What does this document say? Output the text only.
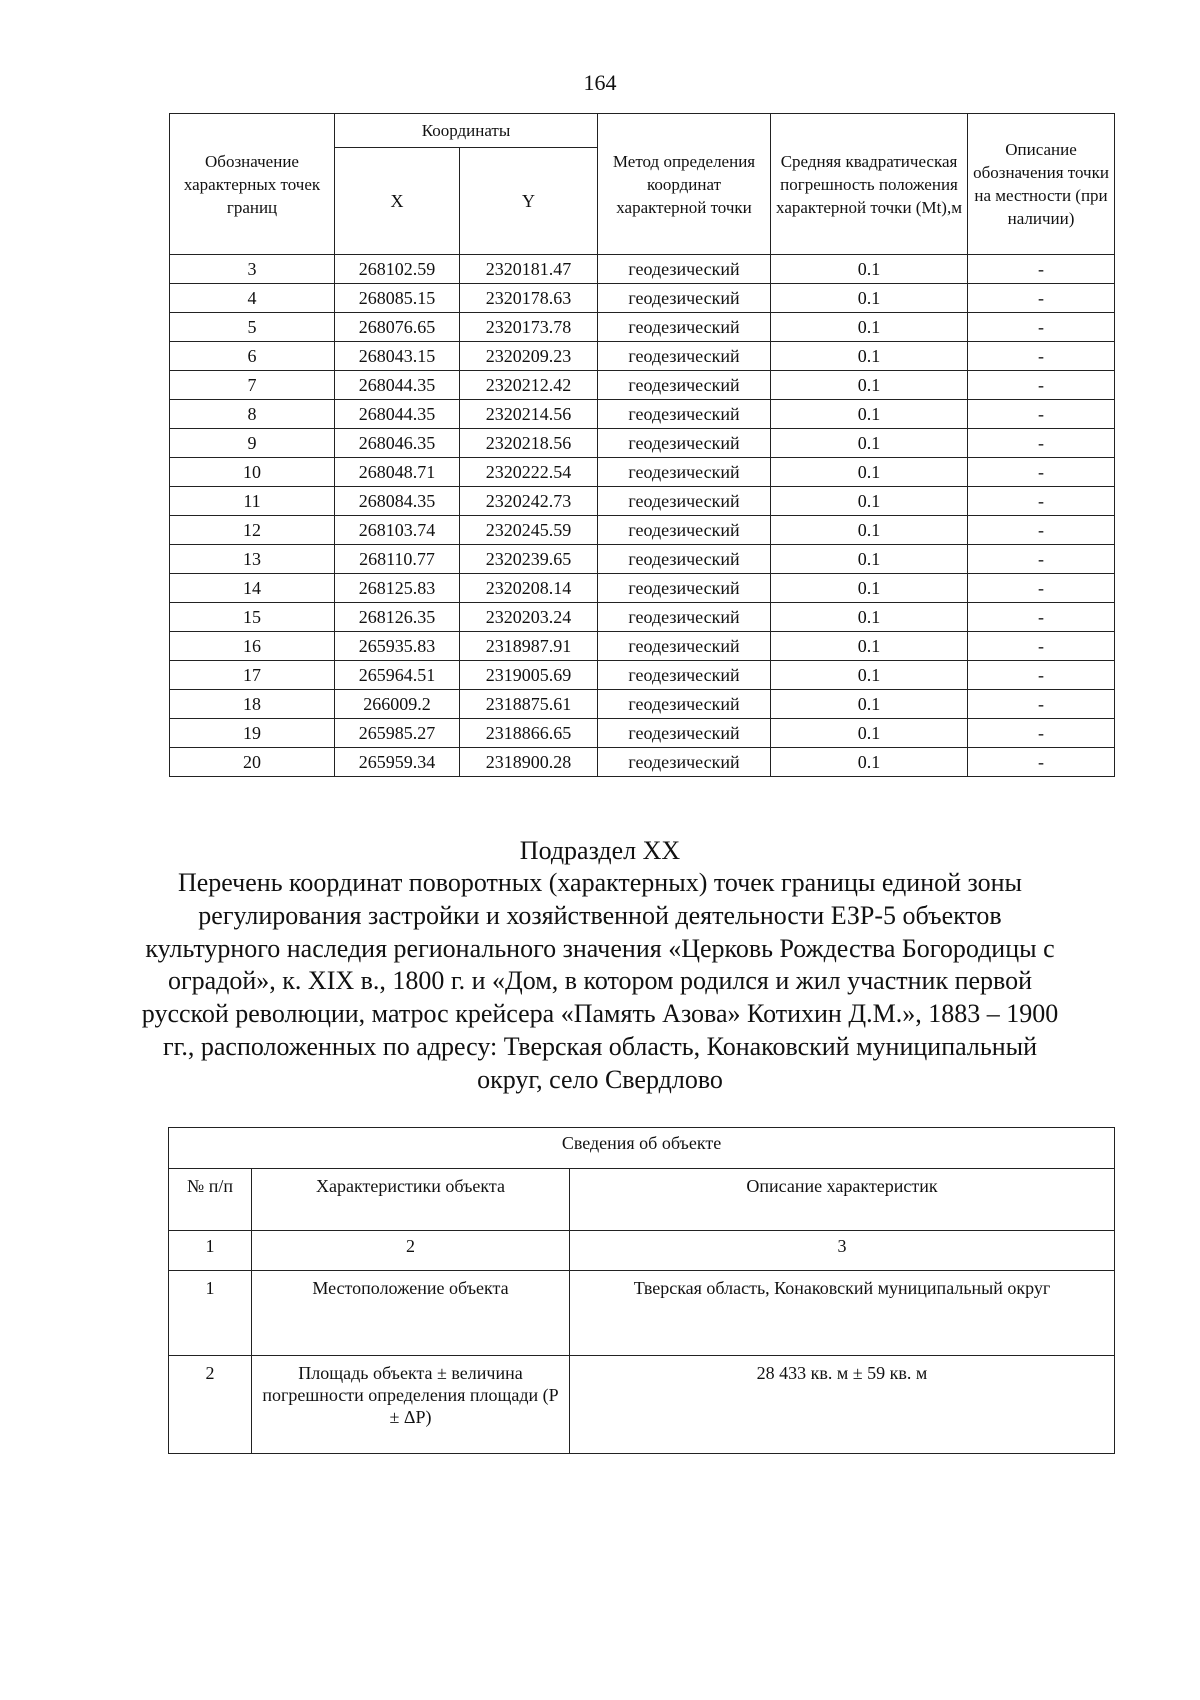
164
Обозначение характерных точек границ	Координаты		Метод определения координат характерной точки	Средняя квадратическая погрешность положения характерной точки (Mt),м	Описание обозначения точки на местности (при наличии)
	X	Y			
3	268102.59	2320181.47	геодезический	0.1	-
4	268085.15	2320178.63	геодезический	0.1	-
5	268076.65	2320173.78	геодезический	0.1	-
6	268043.15	2320209.23	геодезический	0.1	-
7	268044.35	2320212.42	геодезический	0.1	-
8	268044.35	2320214.56	геодезический	0.1	-
9	268046.35	2320218.56	геодезический	0.1	-
10	268048.71	2320222.54	геодезический	0.1	-
11	268084.35	2320242.73	геодезический	0.1	-
12	268103.74	2320245.59	геодезический	0.1	-
13	268110.77	2320239.65	геодезический	0.1	-
14	268125.83	2320208.14	геодезический	0.1	-
15	268126.35	2320203.24	геодезический	0.1	-
16	265935.83	2318987.91	геодезический	0.1	-
17	265964.51	2319005.69	геодезический	0.1	-
18	266009.2	2318875.61	геодезический	0.1	-
19	265985.27	2318866.65	геодезический	0.1	-
20	265959.34	2318900.28	геодезический	0.1	-
Подраздел XX
Перечень координат поворотных (характерных) точек границы единой зоны регулирования застройки и хозяйственной деятельности ЕЗР-5 объектов культурного наследия регионального значения «Церковь Рождества Богородицы с оградой», к. XIX в., 1800 г. и «Дом, в котором родился и жил участник первой русской революции, матрос крейсера «Память Азова» Котихин Д.М.», 1883 – 1900 гг., расположенных по адресу: Тверская область, Конаковский муниципальный округ, село Свердлово
Сведения об объекте		
№ п/п	Характеристики объекта	Описание характеристик
1	2	3
1	Местоположение объекта	Тверская область, Конаковский муниципальный округ
2	Площадь объекта ± величина погрешности определения площади (P ± ΔP)	28 433 кв. м ± 59 кв. м
